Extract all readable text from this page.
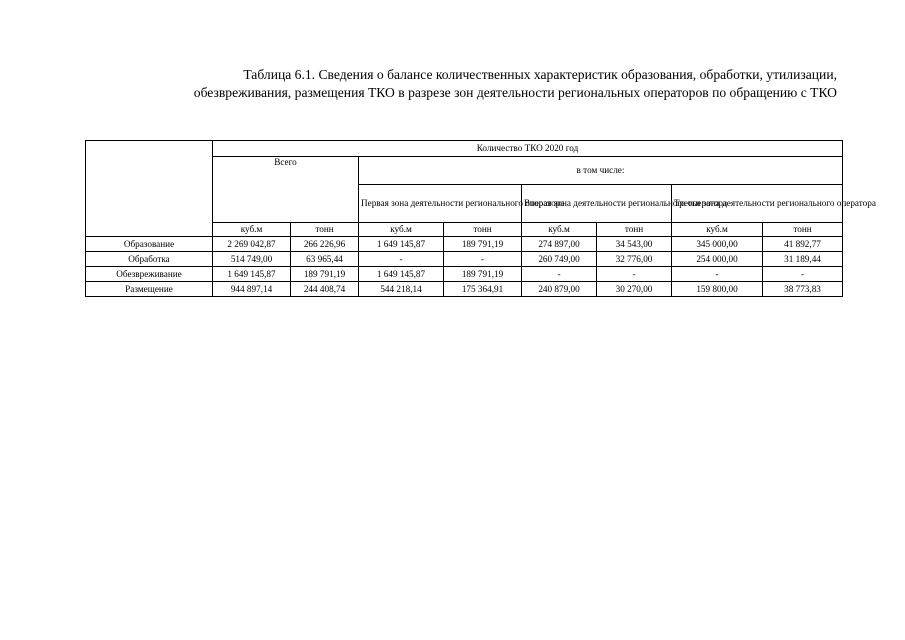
Таблица 6.1. Сведения о балансе количественных характеристик образования, обработки, утилизации,
обезвреживания, размещения ТКО в разрезе зон деятельности региональных операторов по обращению с ТКО
	Количество ТКО 2020 год							
	Всего		в том числе:					
			Первая зона деятельности регионального оператора		Вторая зона деятельности регионального оператора		Третья зона деятельности регионального оператора	
	куб.м	тонн	куб.м	тонн	куб.м	тонн	куб.м	тонн
Образование	2 269 042,87	266 226,96	1 649 145,87	189 791,19	274 897,00	34 543,00	345 000,00	41 892,77
Обработка	514 749,00	63 965,44	-	-	260 749,00	32 776,00	254 000,00	31 189,44
Обезвреживание	1 649 145,87	189 791,19	1 649 145,87	189 791,19	-	-	-	-
Размещение	944 897,14	244 408,74	544 218,14	175 364,91	240 879,00	30 270,00	159 800,00	38 773,83
